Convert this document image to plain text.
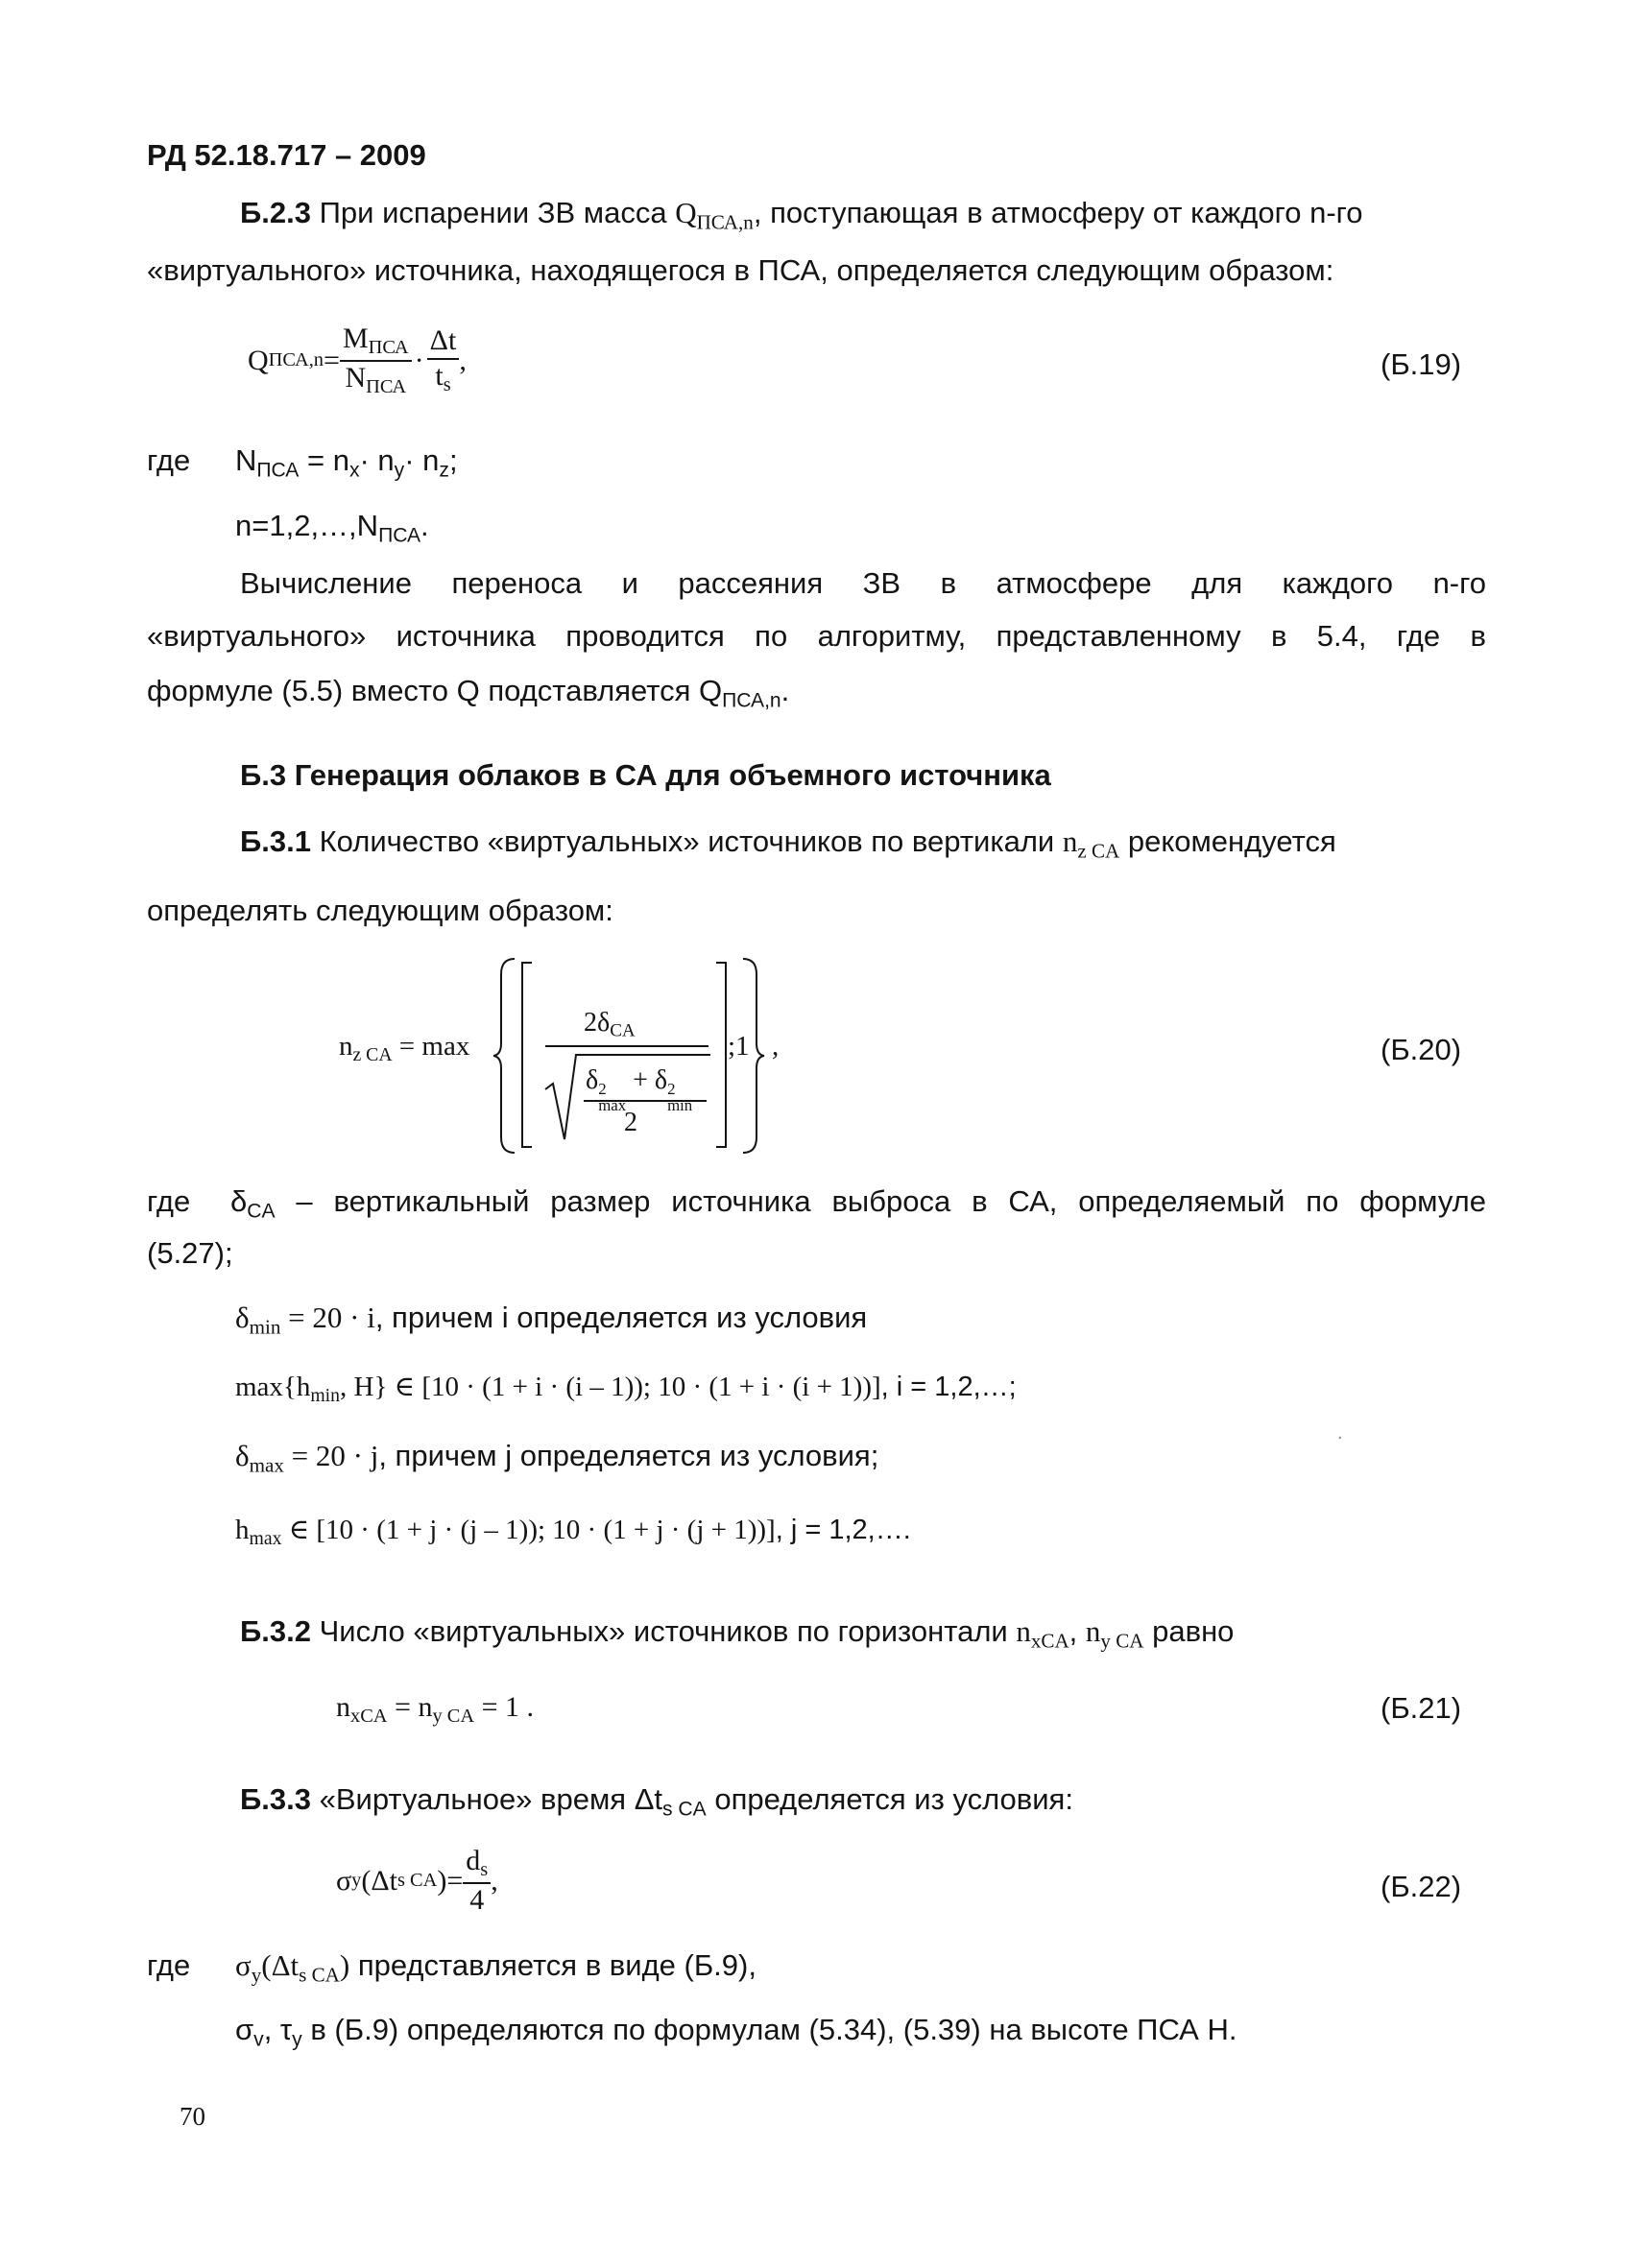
РД 52.18.717 – 2009
Б.2.3 При испарении ЗВ масса $Q_{ПСА,n}$, поступающая в атмосферу от каждого n-го
«виртуального» источника, находящегося в ПСА, определяется следующим образом:
Q $ПСА,n = \frac{M_{ПСА}}{N_{ПСА}} \cdot \frac{\Delta t}{t_s}$ ,	(Б.19)
где $N_{ПСА} = n_x\cdot n_y\cdot n_z$;
$n=1,2,\dots,N_{ПСА}$.
Вычисление переноса и рассеяния ЗВ в атмосфере для каждого n-го
«виртуального» источника проводится по алгоритму, представленному в 5.4, где в
формуле (5.5) вместо Q подставляется $Q_{ПСА,n}$.
Б.3 Генерация облаков в СА для объемного источника
Б.3.1 Количество «виртуальных» источников по вертикали $n_{z CA}$ рекомендуется
определять следующим образом:
$n_{z CA} = \max$
$2\delta_{CA}$
δ 2
max
+ δ 2
min
2
;1 ,	(Б.20)
где $\delta_{CA}$ – вертикальный размер источника выброса в СА, определяемый по формуле
(5.27);
$\delta_{min} = 20 \cdot i$, причем i определяется из условия
$\max\{h_{min}$, H} ∈ [10 · (1 + i · (i – 1)); 10 · (1 + i · (i + 1))], i = 1,2,…;
$\delta_{max} = 20 \cdot j$, причем j определяется из условия;
$h_{max}$ ∈ [10 · (1 + j · (j – 1)); 10 · (1 + j · (j + 1))], j = 1,2,….
.
Б.3.2 Число «виртуальных» источников по горизонтали $n_{xCA}$, $n_{y CA}$ равно
$n_{xCA} = n_{y CA} = 1$ .	(Б.21)
Б.3.3 «Виртуальное» время $\Delta t_{s CA}$ определяется из условия:
σ y (Δt s CA ) = $\frac{d_s}{4}$ ,	(Б.22)
где $\sigma_y(\Delta t_{s CA})$ представляется в виде (Б.9),
$\sigma_v$, $\tau_y$ в (Б.9) определяются по формулам (5.34), (5.39) на высоте ПСА H.
70
